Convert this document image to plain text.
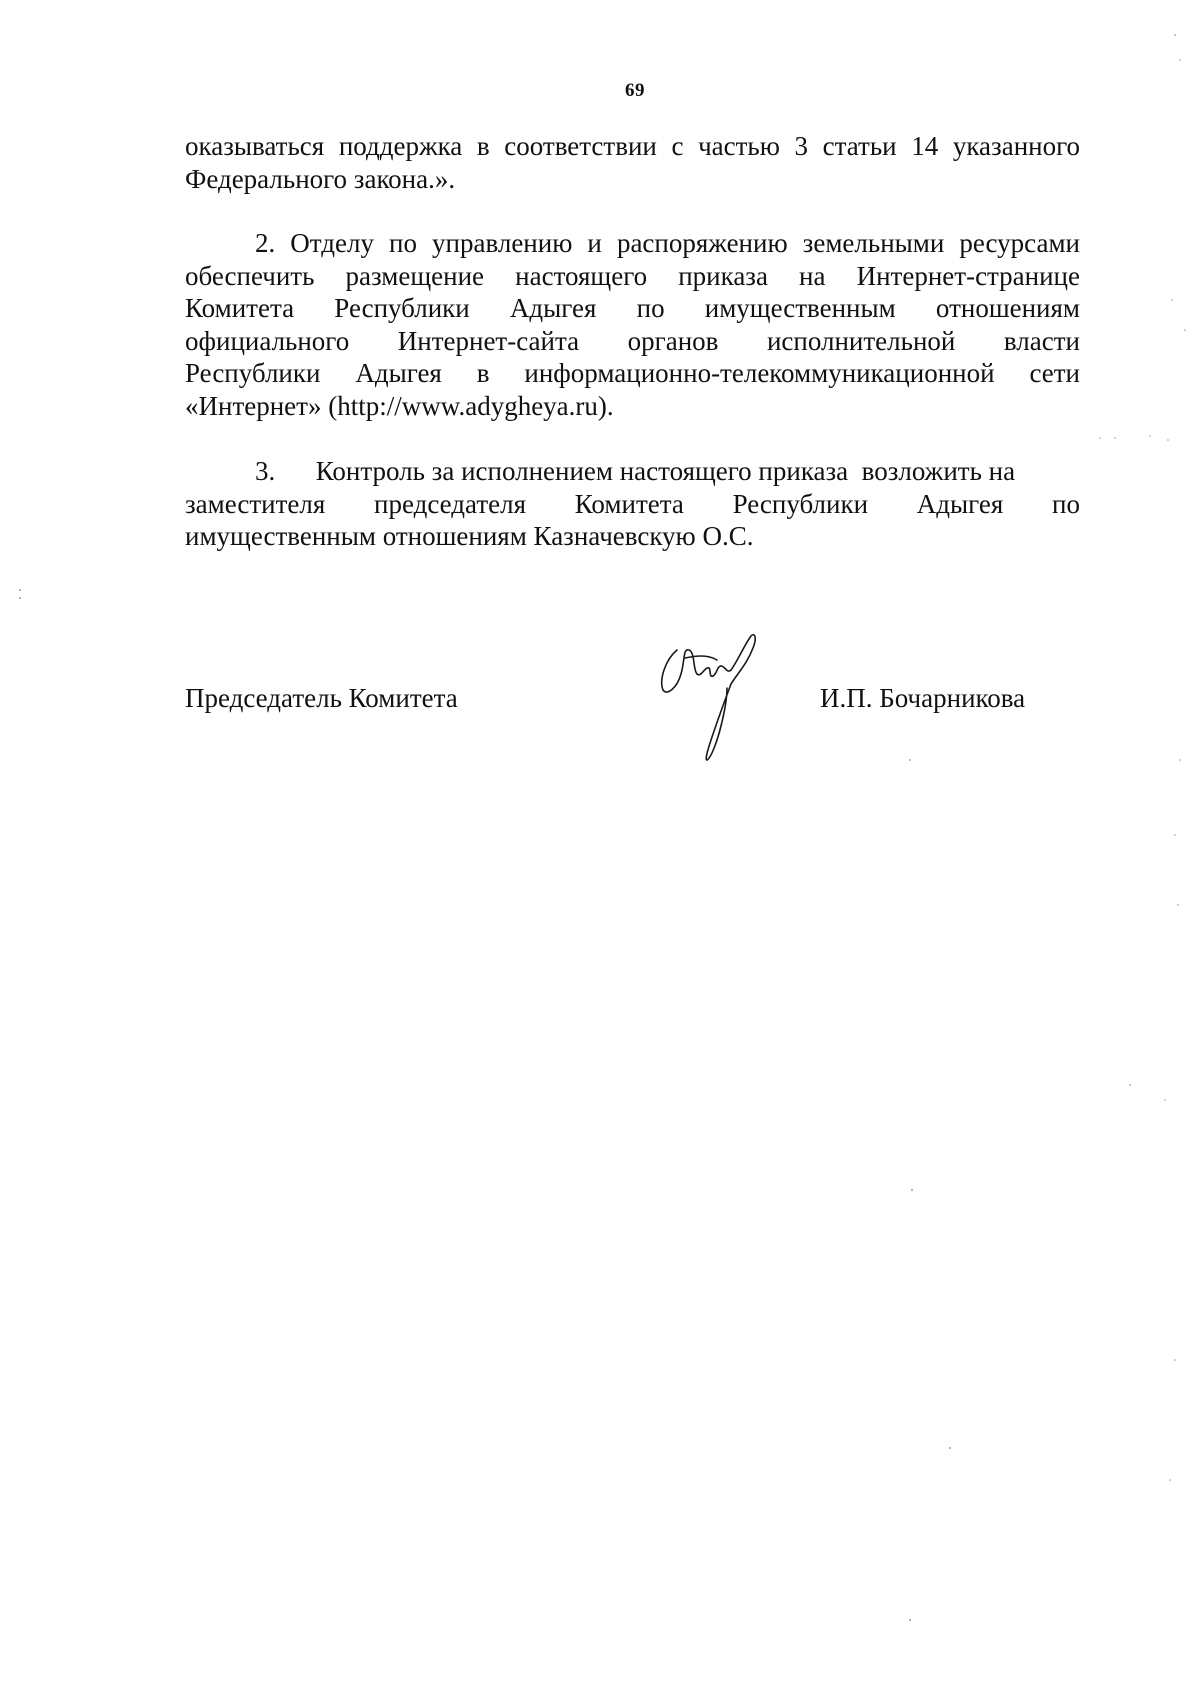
69
оказываться поддержка в соответствии с частью 3 статьи 14 указанного
Федерального закона.».
2. Отделу по управлению и распоряжению земельными ресурсами
обеспечить размещение настоящего приказа на Интернет-странице
Комитета Республики Адыгея по имущественным отношениям
официального Интернет-сайта органов исполнительной власти
Республики Адыгея в информационно-телекоммуникационной сети
«Интернет» (http://www.adygheya.ru).
3.      Контроль за исполнением настоящего приказа  возложить на
заместителя председателя Комитета Республики Адыгея по
имущественным отношениям Казначевскую О.С.
Председатель Комитета	И.П. Бочарникова
